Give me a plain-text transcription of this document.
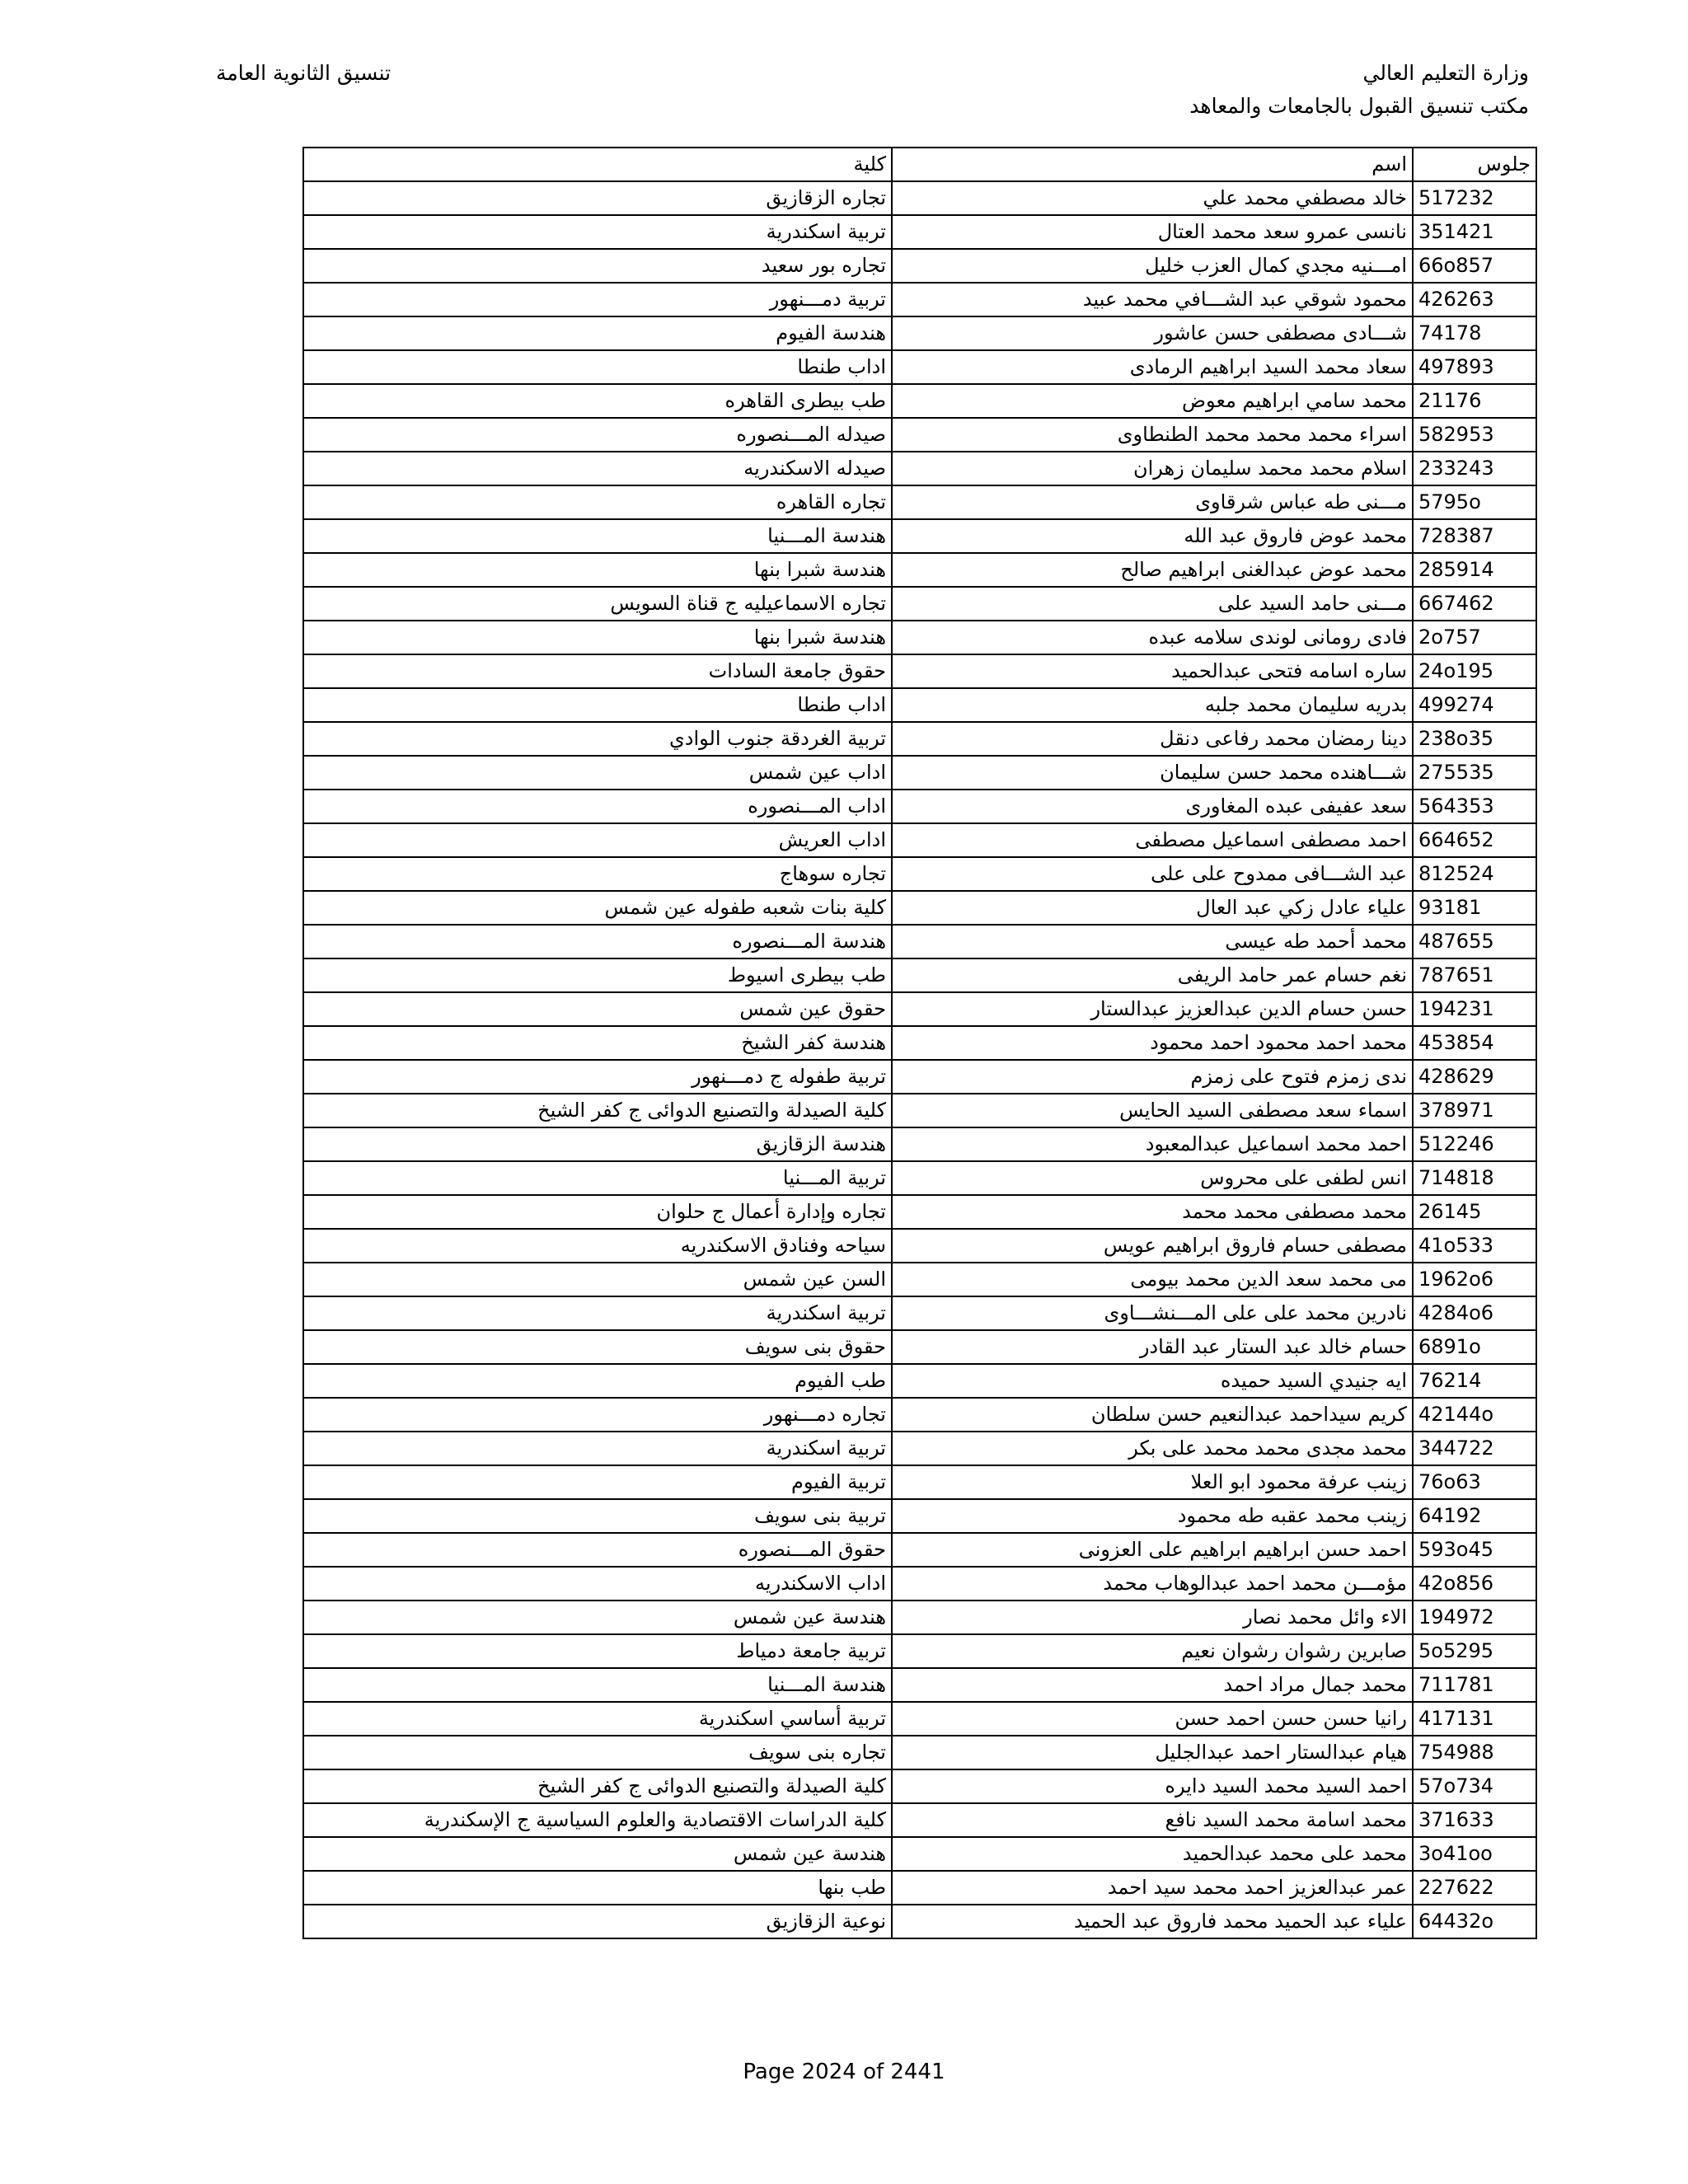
وزارة التعليم العالي
مكتب تنسيق القبول بالجامعات والمعاهد
تنسيق الثانوية العامة
جلوس	اسم	كلية
517232	خالد مصطفي محمد علي	تجاره الزقازيق
351421	نانسى عمرو سعد محمد العتال	تربية اسكندرية
66o857	امـــنيه مجدي كمال العزب خليل	تجاره بور سعيد
426263	محمود شوقي عبد الشـــافي محمد عبيد	تربية دمـــنهور
74178	شـــادى مصطفى حسن عاشور	هندسة الفيوم
497893	سعاد محمد السيد ابراهيم الرمادى	اداب طنطا
21176	محمد سامي ابراهيم معوض	طب بيطرى القاهره
582953	اسراء محمد محمد محمد الطنطاوى	صيدله المـــنصوره
233243	اسلام محمد محمد سليمان زهران	صيدله الاسكندريه
5795o	مـــنى طه عباس شرقاوى	تجاره القاهره
728387	محمد عوض فاروق عبد الله	هندسة المـــنيا
285914	محمد عوض عبدالغنى ابراهيم صالح	هندسة شبرا بنها
667462	مـــنى حامد السيد على	تجاره الاسماعيليه ج قناة السويس
2o757	فادى رومانى لوندى سلامه عبده	هندسة شبرا بنها
24o195	ساره اسامه فتحى عبدالحميد	حقوق جامعة السادات
499274	بدريه سليمان محمد جلبه	اداب طنطا
238o35	دينا رمضان محمد رفاعى دنقل	تربية الغردقة جنوب الوادي
275535	شـــاهنده محمد حسن سليمان	اداب عين شمس
564353	سعد عفيفى عبده المغاورى	اداب المـــنصوره
664652	احمد مصطفى اسماعيل مصطفى	اداب العريش
812524	عبد الشـــافى ممدوح على على	تجاره سوهاج
93181	علياء عادل زكي عبد العال	كلية بنات شعبه طفوله عين شمس
487655	محمد أحمد طه عيسى	هندسة المـــنصوره
787651	نغم حسام عمر حامد الريفى	طب بيطرى اسيوط
194231	حسن حسام الدين عبدالعزيز عبدالستار	حقوق عين شمس
453854	محمد احمد محمود احمد محمود	هندسة كفر الشيخ
428629	ندى زمزم فتوح على زمزم	تربية طفوله ج دمـــنهور
378971	اسماء سعد مصطفى السيد الحايس	كلية الصيدلة والتصنيع الدوائى ج كفر الشيخ
512246	احمد محمد اسماعيل عبدالمعبود	هندسة الزقازيق
714818	انس لطفى على محروس	تربية المـــنيا
26145	محمد مصطفى محمد محمد	تجاره وإدارة أعمال ج حلوان
41o533	مصطفى حسام فاروق ابراهيم عويس	سياحه وفنادق الاسكندريه
1962o6	مى محمد سعد الدين محمد بيومى	السن عين شمس
4284o6	نادرين محمد على على المـــنشـــاوى	تربية اسكندرية
6891o	حسام خالد عبد الستار عبد القادر	حقوق بنى سويف
76214	ايه جنيدي السيد حميده	طب الفيوم
42144o	كريم سيداحمد عبدالنعيم حسن سلطان	تجاره دمـــنهور
344722	محمد مجدى محمد محمد على بكر	تربية اسكندرية
76o63	زينب عرفة محمود ابو العلا	تربية الفيوم
64192	زينب محمد عقبه طه محمود	تربية بنى سويف
593o45	احمد حسن ابراهيم ابراهيم على العزونى	حقوق المـــنصوره
42o856	مؤمـــن محمد احمد عبدالوهاب محمد	اداب الاسكندريه
194972	الاء وائل محمد نصار	هندسة عين شمس
5o5295	صابرين رشوان رشوان نعيم	تربية جامعة دمياط
711781	محمد جمال مراد احمد	هندسة المـــنيا
417131	رانيا حسن حسن احمد حسن	تربية أساسي اسكندرية
754988	هيام عبدالستار احمد عبدالجليل	تجاره بنى سويف
57o734	احمد السيد محمد السيد دايره	كلية الصيدلة والتصنيع الدوائى ج كفر الشيخ
371633	محمد اسامة محمد السيد نافع	كلية الدراسات الاقتصادية والعلوم السياسية ج الإسكندرية
3o41oo	محمد على محمد عبدالحميد	هندسة عين شمس
227622	عمر عبدالعزيز احمد محمد سيد احمد	طب بنها
64432o	علياء عبد الحميد محمد فاروق عبد الحميد	نوعية الزقازيق
Page 2024 of 2441
